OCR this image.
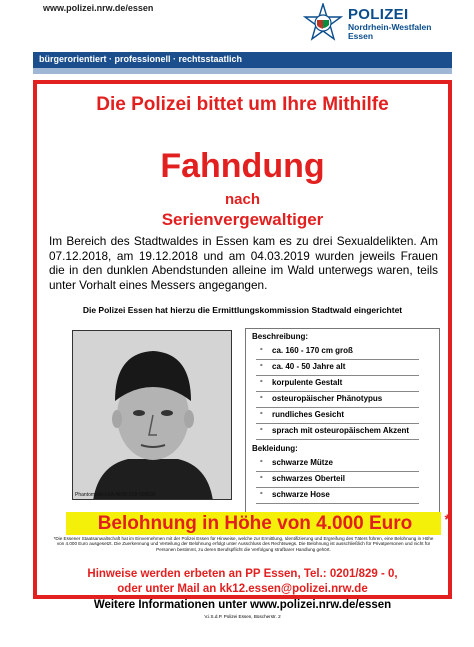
www.polizei.nrw.de/essen	POLIZEI
Nordrhein-Westfalen
Essen
bürgerorientiert · professionell · rechtsstaatlich
Die Polizei bittet um Ihre Mithilfe
Fahndung
nach
Serienvergewaltiger
Im Bereich des Stadtwaldes in Essen kam es zu drei Sexualdelikten. Am 07.12.2018, am 19.12.2018 und am 04.03.2019 wurden jeweils Frauen die in den dunklen Abendstunden alleine im Wald unterwegs waren, teils unter Vorhalt eines Messers angegangen.
Die Polizei Essen hat hierzu die Ermittlungskommission Stadtwald eingerichtet
Phantombild-LKA-NRW-519-009536
Beschreibung:
- ca. 160 - 170 cm groß
- ca. 40 - 50 Jahre alt
- korpulente Gestalt
- osteuropäischer Phänotypus
- rundliches Gesicht
- sprach mit osteuropäischem Akzent
Bekleidung:
- schwarze Mütze
- schwarzes Oberteil
- schwarze Hose
Belohnung in Höhe von 4.000 Euro *
*Die Essener Staatsanwaltschaft hat im Einvernehmen mit der Polizei Essen für Hinweise, welche zur Ermittlung, Identifizierung und Ergreifung des Täters führen, eine Belohnung in Höhe von 4.000 Euro ausgesetzt. Die Zuerkennung und Verteilung der Belohnung erfolgt unter Ausschluss des Rechtswegs. Die Belohnung ist ausschließlich für Privatpersonen und nicht für Personen bestimmt, zu deren Berufspflicht die Verfolgung strafbarer Handlung gehört.
Hinweise werden erbeten an PP Essen, Tel.: 0201/829 - 0,
oder unter Mail an kk12.essen@polizei.nrw.de
Weitere Informationen unter www.polizei.nrw.de/essen
V.i.S.d.P. Polizei Essen, Büscherstr. 2
